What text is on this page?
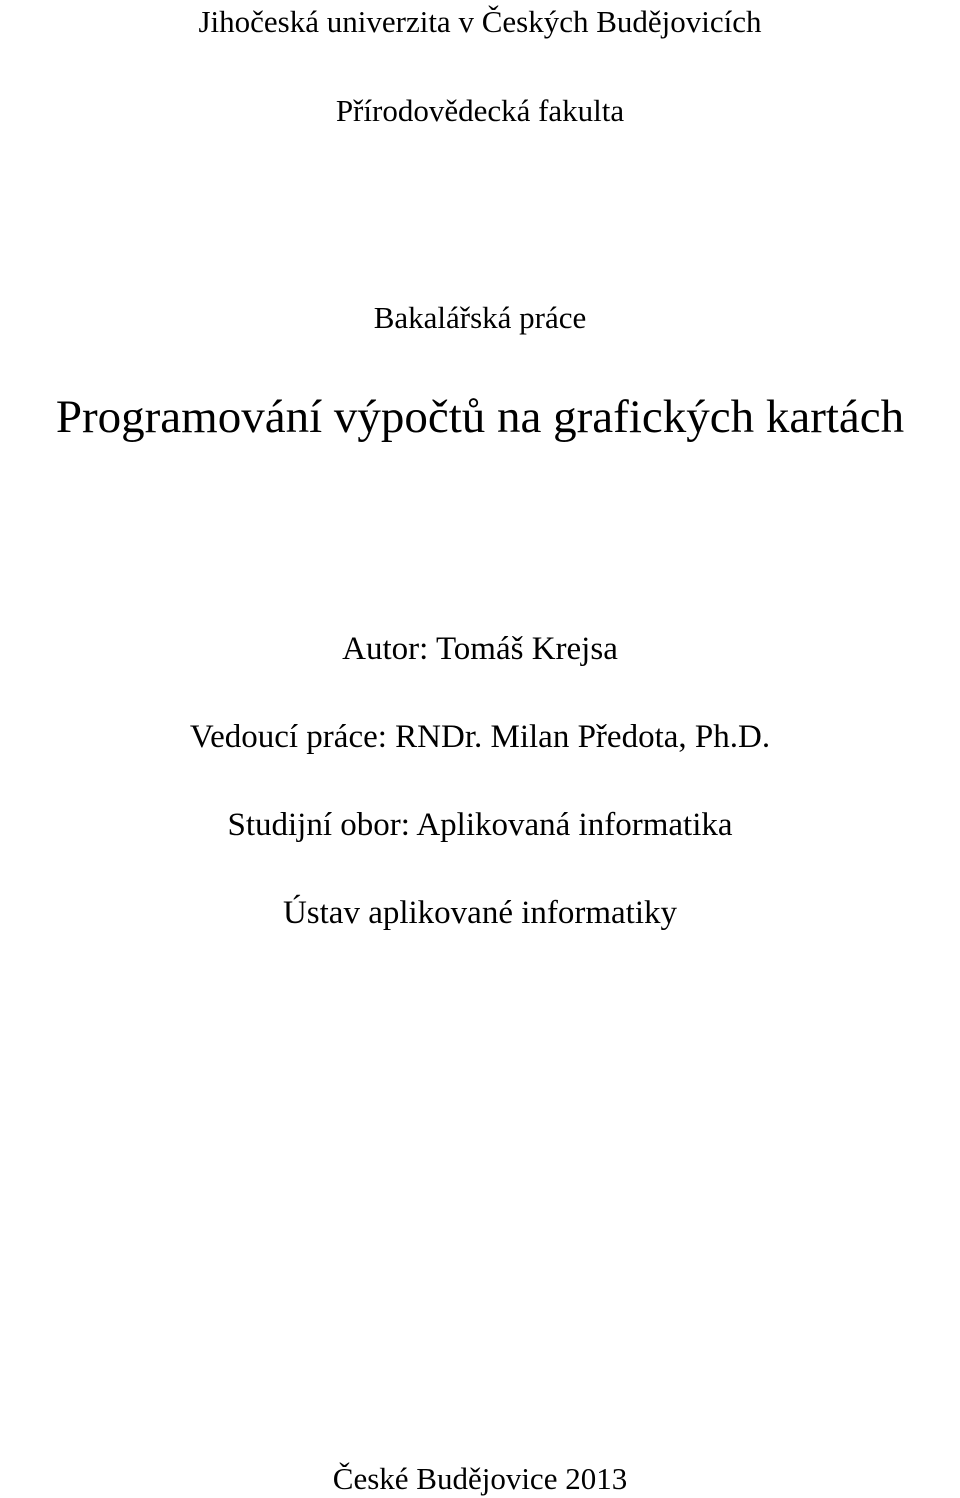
Jihočeská univerzita v Českých Budějovicích
Přírodovědecká fakulta
Bakalářská práce
Programování výpočtů na grafických kartách
Autor: Tomáš Krejsa
Vedoucí práce: RNDr. Milan Předota, Ph.D.
Studijní obor: Aplikovaná informatika
Ústav aplikované informatiky
České Budějovice 2013
